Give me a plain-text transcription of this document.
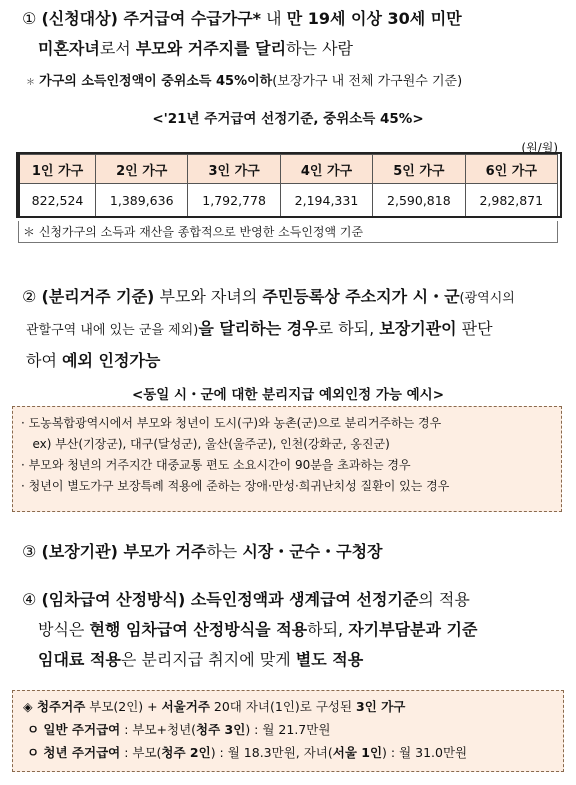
① (신청대상) 주거급여 수급가구* 내 만 19세 이상 30세 미만
미혼자녀로서 부모와 거주지를 달리하는 사람
＊ 가구의 소득인정액이 중위소득 45%이하(보장가구 내 전체 가구원수 기준)
<'21년 주거급여 선정기준, 중위소득 45%>
(원/월)
1인 가구	2인 가구	3인 가구	4인 가구	5인 가구	6인 가구
822,524	1,389,636	1,792,778	2,194,331	2,590,818	2,982,871
＊ 신청가구의 소득과 재산을 종합적으로 반영한 소득인정액 기준
② (분리거주 기준) 부모와 자녀의 주민등록상 주소지가 시・군(광역시의
관할구역 내에 있는 군을 제외)을 달리하는 경우로 하되, 보장기관이 판단
하여 예외 인정가능
<동일 시・군에 대한 분리지급 예외인정 가능 예시>
· 도농복합광역시에서 부모와 청년이 도시(구)와 농촌(군)으로 분리거주하는 경우
ex) 부산(기장군), 대구(달성군), 울산(울주군), 인천(강화군, 옹진군)
· 부모와 청년의 거주지간 대중교통 편도 소요시간이 90분을 초과하는 경우
· 청년이 별도가구 보장특례 적용에 준하는 장애·만성·희귀난치성 질환이 있는 경우
③ (보장기관) 부모가 거주하는 시장・군수・구청장
④ (임차급여 산정방식) 소득인정액과 생계급여 선정기준의 적용
방식은 현행 임차급여 산정방식을 적용하되, 자기부담분과 기준
임대료 적용은 분리지급 취지에 맞게 별도 적용
◈ 청주거주 부모(2인) + 서울거주 20대 자녀(1인)로 구성된 3인 가구
ㅇ 일반 주거급여 : 부모+청년(청주 3인) : 월 21.7만원
ㅇ 청년 주거급여 : 부모(청주 2인) : 월 18.3만원, 자녀(서울 1인) : 월 31.0만원
